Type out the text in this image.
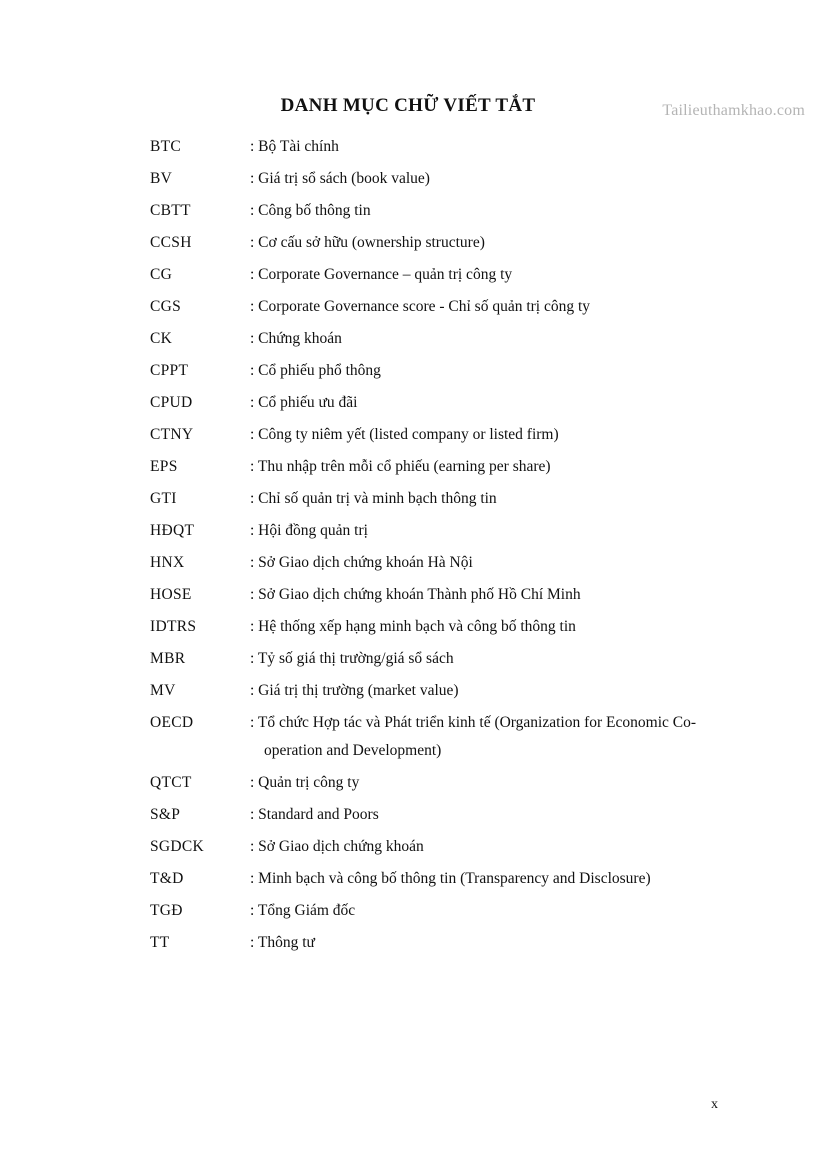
Tailieuthamkhao.com
DANH MỤC CHỮ VIẾT TẮT
BTC	: Bộ Tài chính
BV	: Giá trị sổ sách (book value)
CBTT	: Công bố thông tin
CCSH	: Cơ cấu sở hữu (ownership structure)
CG	: Corporate Governance – quản trị công ty
CGS	: Corporate Governance score - Chỉ số quản trị công ty
CK	: Chứng khoán
CPPT	: Cổ phiếu phổ thông
CPUD	: Cổ phiếu ưu đãi
CTNY	: Công ty niêm yết (listed company or listed firm)
EPS	: Thu nhập trên mỗi cổ phiếu (earning per share)
GTI	: Chỉ số quản trị và minh bạch thông tin
HĐQT	: Hội đồng quản trị
HNX	: Sở Giao dịch chứng khoán Hà Nội
HOSE	: Sở Giao dịch chứng khoán Thành phố Hồ Chí Minh
IDTRS	: Hệ thống xếp hạng minh bạch và công bố thông tin
MBR	: Tỷ số giá thị trường/giá sổ sách
MV	: Giá trị thị trường (market value)
OECD	: Tổ chức Hợp tác và Phát triển kinh tế (Organization for Economic Co-operation and Development)
QTCT	: Quản trị công ty
S&P	: Standard and Poors
SGDCK	: Sở Giao dịch chứng khoán
T&D	: Minh bạch và công bố thông tin (Transparency and Disclosure)
TGĐ	: Tổng Giám đốc
TT	: Thông tư
x
